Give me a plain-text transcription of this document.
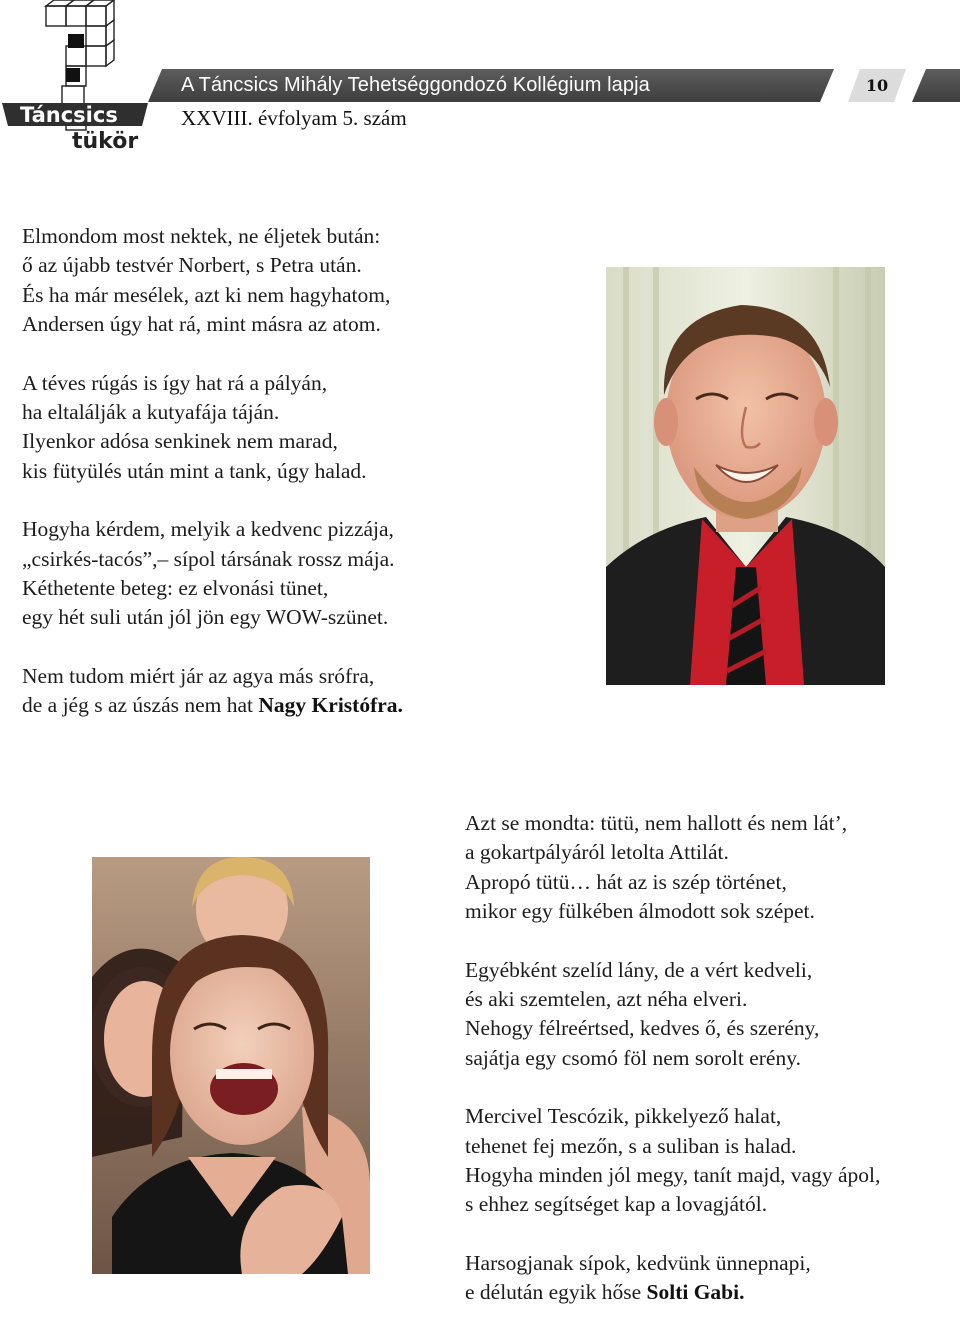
Táncsics
tükör
A Táncsics Mihály Tehetséggondozó Kollégium lapja	10
XXVIII. évfolyam 5. szám
Elmondom most nektek, ne éljetek bután:
ő az újabb testvér Norbert, s Petra után.
És ha már mesélek, azt ki nem hagyhatom,
Andersen úgy hat rá, mint másra az atom.
A téves rúgás is így hat rá a pályán,
ha eltalálják a kutyafája táján.
Ilyenkor adósa senkinek nem marad,
kis fütyülés után mint a tank, úgy halad.
Hogyha kérdem, melyik a kedvenc pizzája,
„csirkés-tacós”,– sípol társának rossz mája.
Kéthetente beteg: ez elvonási tünet,
egy hét suli után jól jön egy WOW-szünet.
Nem tudom miért jár az agya más srófra,
de a jég s az úszás nem hat Nagy Kristófra.
Azt se mondta: tütü, nem hallott és nem lát’,
a gokartpályáról letolta Attilát.
Apropó tütü… hát az is szép történet,
mikor egy fülkében álmodott sok szépet.
Egyébként szelíd lány, de a vért kedveli,
és aki szemtelen, azt néha elveri.
Nehogy félreértsed, kedves ő, és szerény,
sajátja egy csomó föl nem sorolt erény.
Mercivel Tescózik, pikkelyező halat,
tehenet fej mezőn, s a suliban is halad.
Hogyha minden jól megy, tanít majd, vagy ápol,
s ehhez segítséget kap a lovagjától.
Harsogjanak sípok, kedvünk ünnepnapi,
e délután egyik hőse Solti Gabi.
